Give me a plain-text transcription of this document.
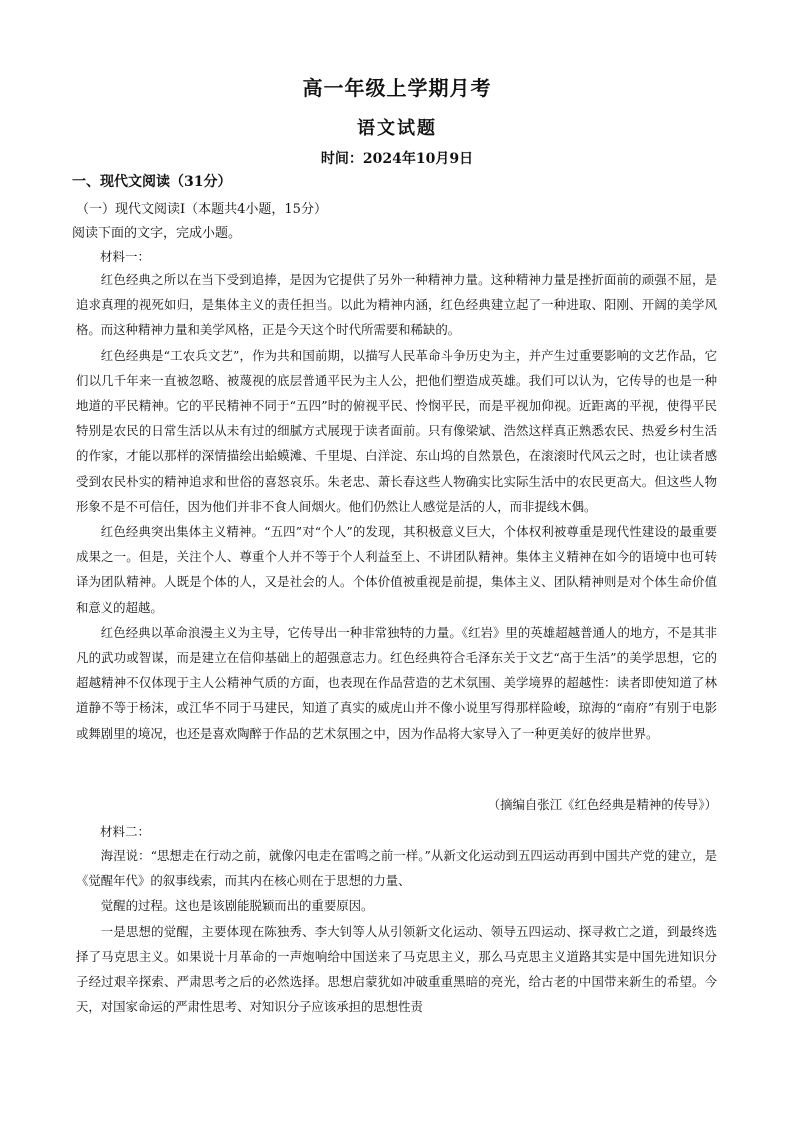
高一年级上学期月考
语文试题
时间：2024年10月9日
一、现代文阅读（31分）
（一）现代文阅读Ⅰ（本题共4小题，15分）
阅读下面的文字，完成小题。
材料一：

红色经典之所以在当下受到追捧，是因为它提供了另外一种精神力量。这种精神力量是挫折面前的顽强不屈，是追求真理的视死如归，是集体主义的责任担当。以此为精神内涵，红色经典建立起了一种进取、阳刚、开阔的美学风格。而这种精神力量和美学风格，正是今天这个时代所需要和稀缺的。

红色经典是“工农兵文艺”，作为共和国前期，以描写人民革命斗争历史为主，并产生过重要影响的文艺作品，它们以几千年来一直被忽略、被蔑视的底层普通平民为主人公，把他们塑造成英雄。我们可以认为，它传导的也是一种地道的平民精神。它的平民精神不同于“五四”时的俯视平民、怜悯平民，而是平视加仰视。近距离的平视，使得平民特别是农民的日常生活以从未有过的细腻方式展现于读者面前。只有像梁斌、浩然这样真正熟悉农民、热爱乡村生活的作家，才能以那样的深情描绘出蛤蟆滩、千里堤、白洋淀、东山坞的自然景色，在滚滚时代风云之时，也让读者感受到农民朴实的精神追求和世俗的喜怒哀乐。朱老忠、萧长春这些人物确实比实际生活中的农民更高大。但这些人物形象不是不可信任，因为他们并非不食人间烟火。他们仍然让人感觉是活的人，而非提线木偶。

红色经典突出集体主义精神。“五四”对“个人”的发现，其积极意义巨大，个体权利被尊重是现代性建设的最重要成果之一。但是，关注个人、尊重个人并不等于个人利益至上、不讲团队精神。集体主义精神在如今的语境中也可转译为团队精神。人既是个体的人，又是社会的人。个体价值被重视是前提，集体主义、团队精神则是对个体生命价值和意义的超越。

红色经典以革命浪漫主义为主导，它传导出一种非常独特的力量。《红岩》里的英雄超越普通人的地方，不是其非凡的武功或智谋，而是建立在信仰基础上的超强意志力。红色经典符合毛泽东关于文艺“高于生活”的美学思想，它的超越精神不仅体现于主人公精神气质的方面，也表现在作品营造的艺术氛围、美学境界的超越性：读者即使知道了林道静不等于杨沫，或江华不同于马建民，知道了真实的威虎山并不像小说里写得那样险峻，琼海的“南府”有别于电影或舞剧里的境况，也还是喜欢陶醉于作品的艺术氛围之中，因为作品将大家导入了一种更美好的彼岸世界。

（摘编自张江《红色经典是精神的传导》）
材料二：

海涅说：“思想走在行动之前，就像闪电走在雷鸣之前一样。”从新文化运动到五四运动再到中国共产党的建立，是《觉醒年代》的叙事线索，而其内在核心则在于思想的力量、

觉醒的过程。这也是该剧能脱颖而出的重要原因。

一是思想的觉醒，主要体现在陈独秀、李大钊等人从引领新文化运动、领导五四运动、探寻救亡之道，到最终选择了马克思主义。如果说十月革命的一声炮响给中国送来了马克思主义，那么马克思主义道路其实是中国先进知识分子经过艰辛探索、严肃思考之后的必然选择。思想启蒙犹如冲破重重黑暗的亮光，给古老的中国带来新生的希望。今天，对国家命运的严肃性思考、对知识分子应该承担的思想性责
